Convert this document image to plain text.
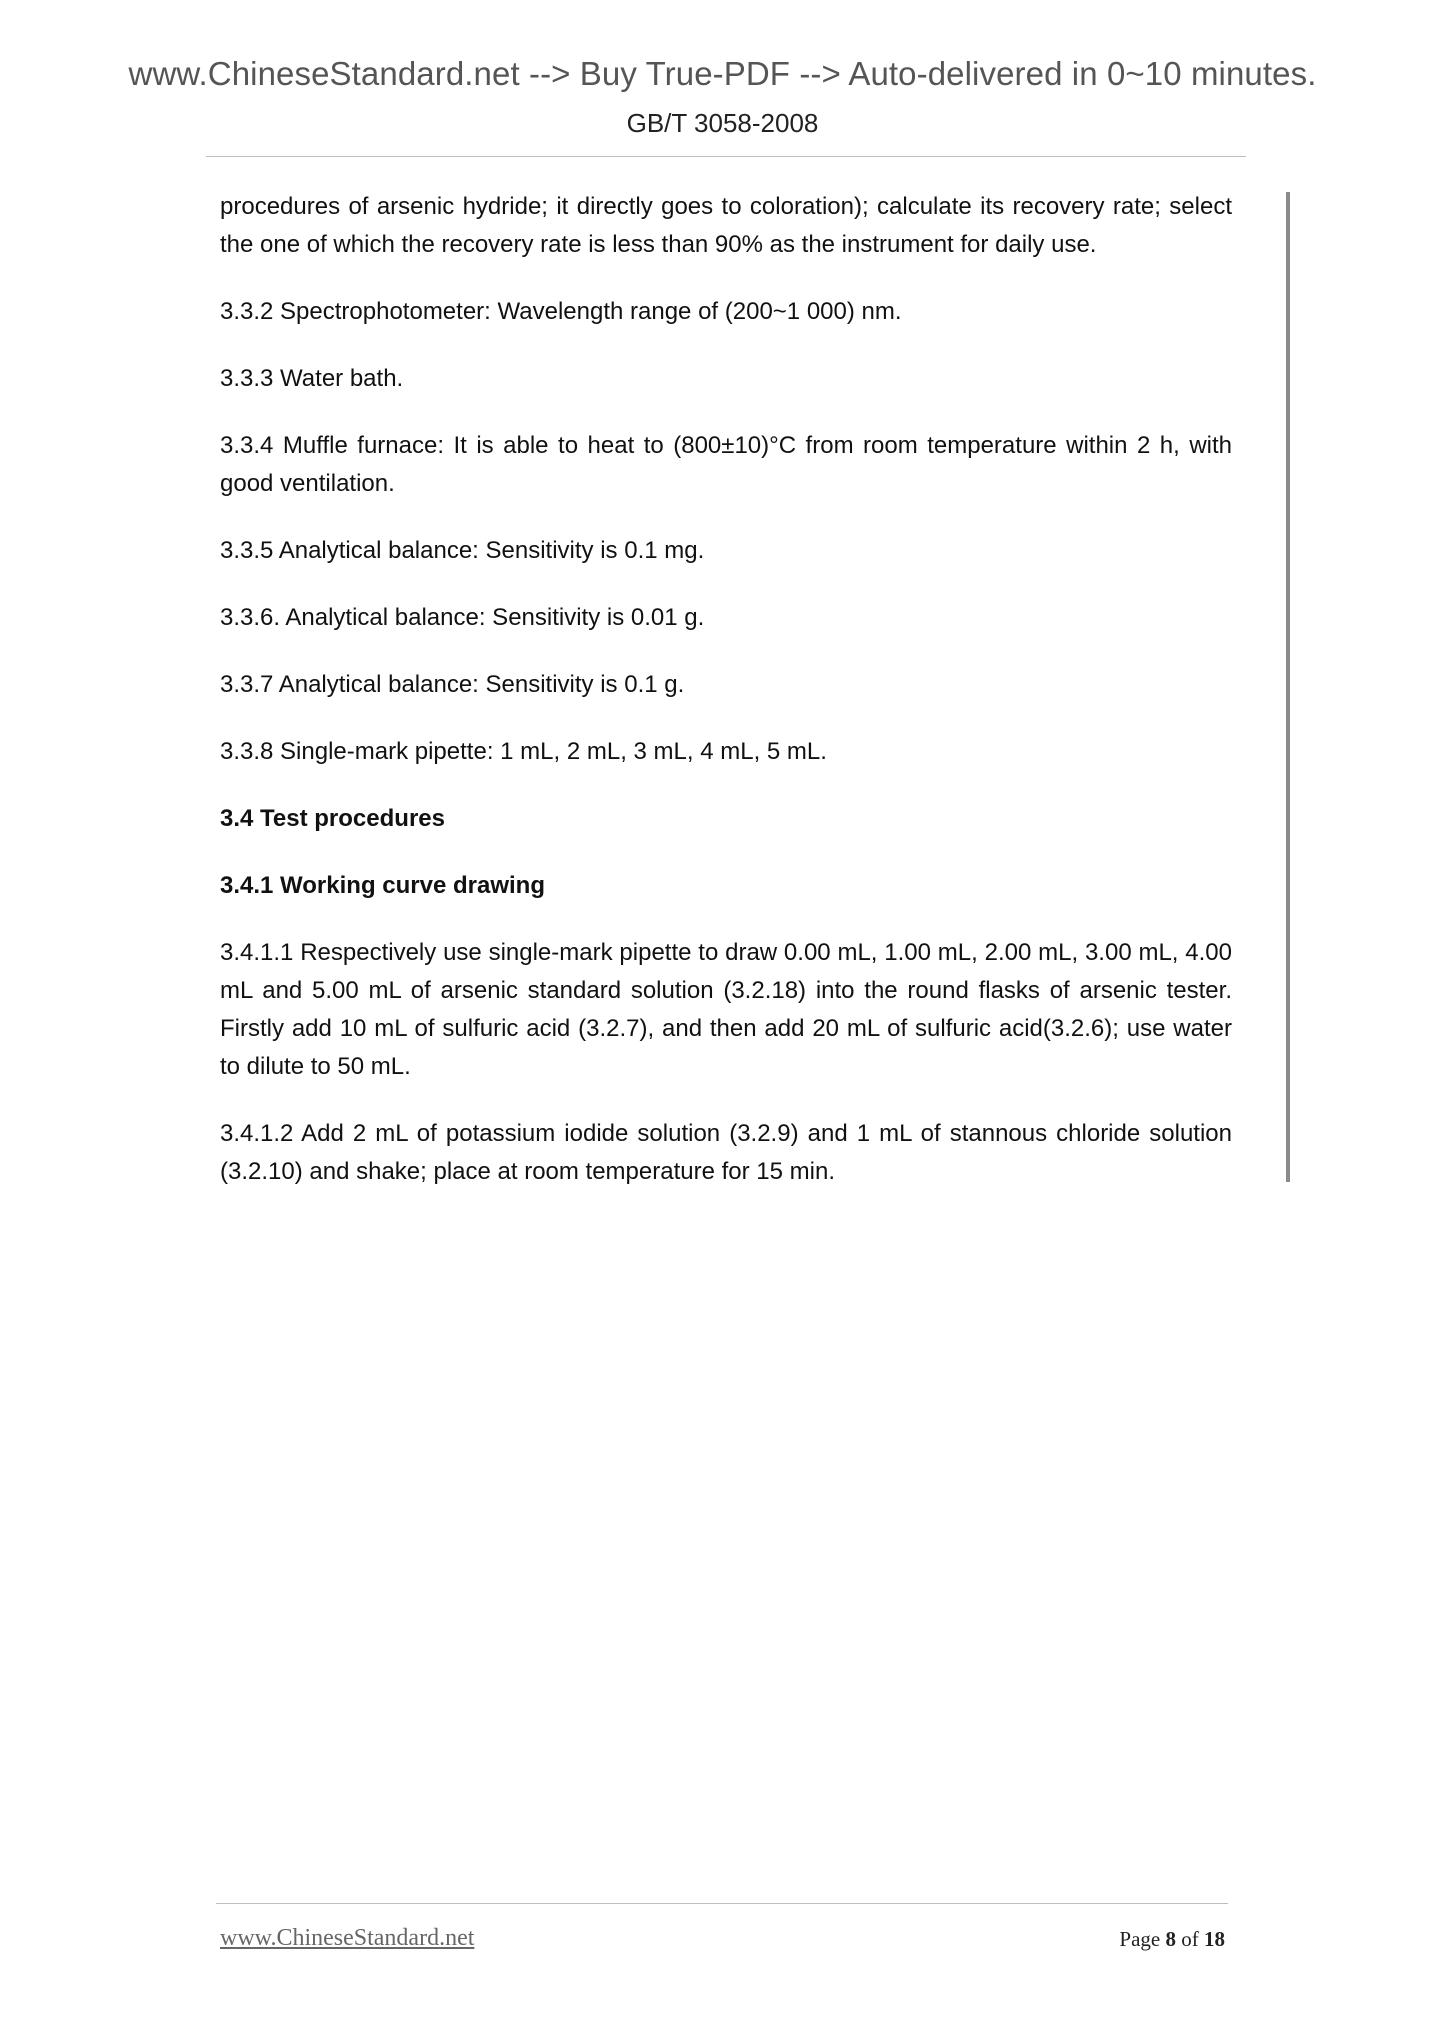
www.ChineseStandard.net --> Buy True-PDF --> Auto-delivered in 0~10 minutes.
GB/T 3058-2008

procedures of arsenic hydride; it directly goes to coloration); calculate its recovery rate; select the one of which the recovery rate is less than 90% as the instrument for daily use.

3.3.2 Spectrophotometer: Wavelength range of (200~1 000) nm.

3.3.3 Water bath.

3.3.4 Muffle furnace: It is able to heat to (800±10)°C from room temperature within 2 h, with good ventilation.

3.3.5 Analytical balance: Sensitivity is 0.1 mg.

3.3.6. Analytical balance: Sensitivity is 0.01 g.

3.3.7 Analytical balance: Sensitivity is 0.1 g.

3.3.8 Single-mark pipette: 1 mL, 2 mL, 3 mL, 4 mL, 5 mL.

3.4 Test procedures

3.4.1 Working curve drawing

3.4.1.1 Respectively use single-mark pipette to draw 0.00 mL, 1.00 mL, 2.00 mL, 3.00 mL, 4.00 mL and 5.00 mL of arsenic standard solution (3.2.18) into the round flasks of arsenic tester. Firstly add 10 mL of sulfuric acid (3.2.7), and then add 20 mL of sulfuric acid(3.2.6); use water to dilute to 50 mL.

3.4.1.2 Add 2 mL of potassium iodide solution (3.2.9) and 1 mL of stannous chloride solution (3.2.10) and shake; place at room temperature for 15 min.

www.ChineseStandard.net	Page 8 of 18
